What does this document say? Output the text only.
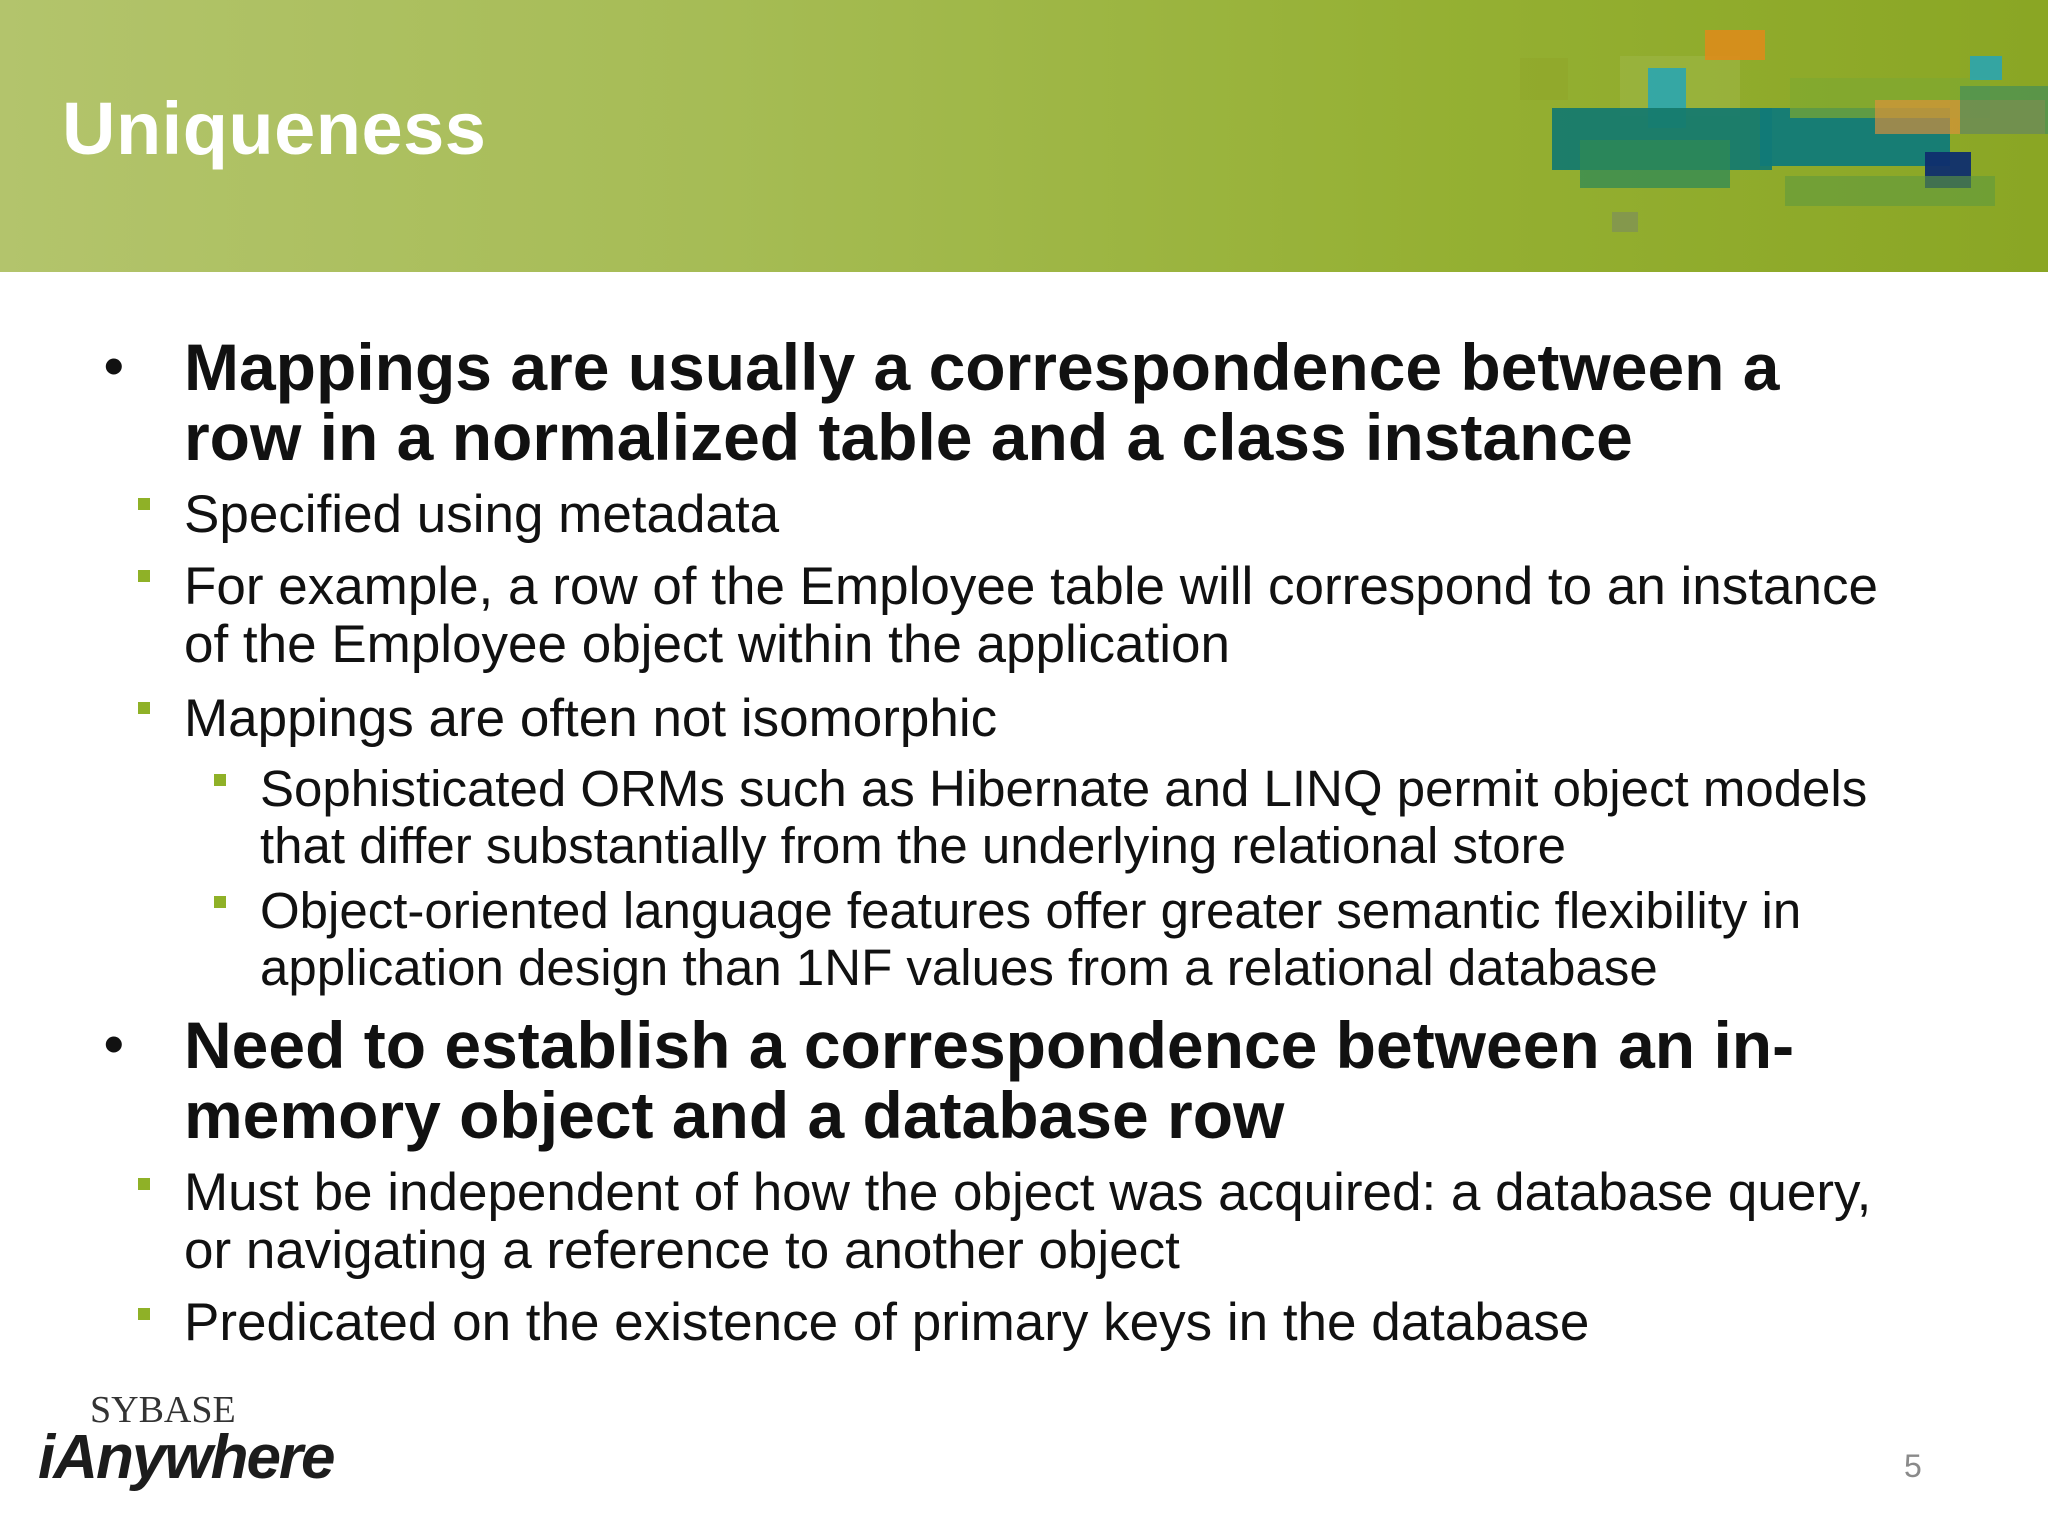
Uniqueness
• Mappings are usually a correspondence between a row in a normalized table and a class instance
Specified using metadata
For example, a row of the Employee table will correspond to an instance of the Employee object within the application
Mappings are often not isomorphic
Sophisticated ORMs such as Hibernate and LINQ permit object models that differ substantially from the underlying relational store
Object-oriented language features offer greater semantic flexibility in application design than 1NF values from a relational database
• Need to establish a correspondence between an in-memory object and a database row
Must be independent of how the object was acquired: a database query, or navigating a reference to another object
Predicated on the existence of primary keys in the database
SYBASE
iAnywhere	5
